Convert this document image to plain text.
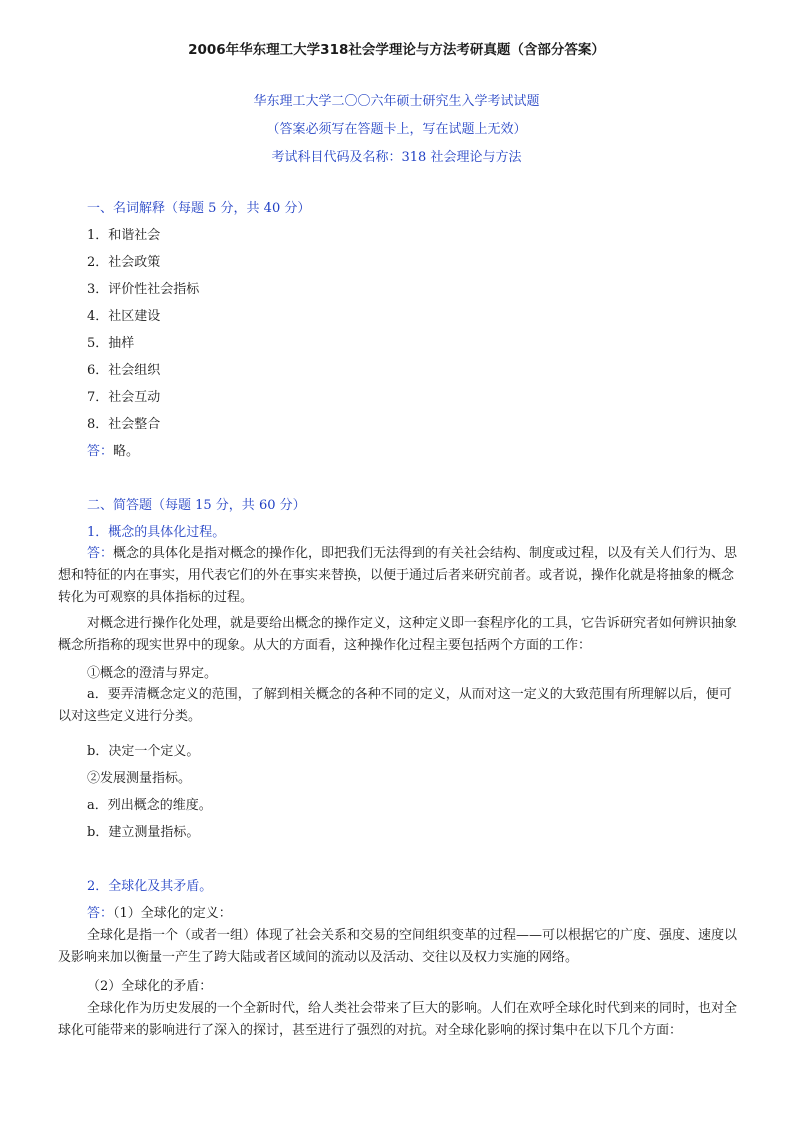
2006年华东理工大学318社会学理论与方法考研真题（含部分答案）
华东理工大学二〇〇六年硕士研究生入学考试试题
（答案必须写在答题卡上，写在试题上无效）
考试科目代码及名称：318 社会理论与方法
一、名词解释（每题 5 分，共 40 分）
1．和谐社会
2．社会政策
3．评价性社会指标
4．社区建设
5．抽样
6．社会组织
7．社会互动
8．社会整合
答：略。
二、简答题（每题 15 分，共 60 分）
1．概念的具体化过程。
答：概念的具体化是指对概念的操作化，即把我们无法得到的有关社会结构、制度或过程，以及有关人们行为、思想和特征的内在事实，用代表它们的外在事实来替换，以便于通过后者来研究前者。或者说，操作化就是将抽象的概念转化为可观察的具体指标的过程。
对概念进行操作化处理，就是要给出概念的操作定义，这种定义即一套程序化的工具，它告诉研究者如何辨识抽象概念所指称的现实世界中的现象。从大的方面看，这种操作化过程主要包括两个方面的工作：
①概念的澄清与界定。
a．要弄清概念定义的范围，了解到相关概念的各种不同的定义，从而对这一定义的大致范围有所理解以后，便可以对这些定义进行分类。
b．决定一个定义。
②发展测量指标。
a．列出概念的维度。
b．建立测量指标。
2．全球化及其矛盾。
答：（1）全球化的定义：
全球化是指一个（或者一组）体现了社会关系和交易的空间组织变革的过程——可以根据它的广度、强度、速度以及影响来加以衡量一产生了跨大陆或者区域间的流动以及活动、交往以及权力实施的网络。
（2）全球化的矛盾：
全球化作为历史发展的一个全新时代，给人类社会带来了巨大的影响。人们在欢呼全球化时代到来的同时，也对全球化可能带来的影响进行了深入的探讨，甚至进行了强烈的对抗。对全球化影响的探讨集中在以下几个方面：
